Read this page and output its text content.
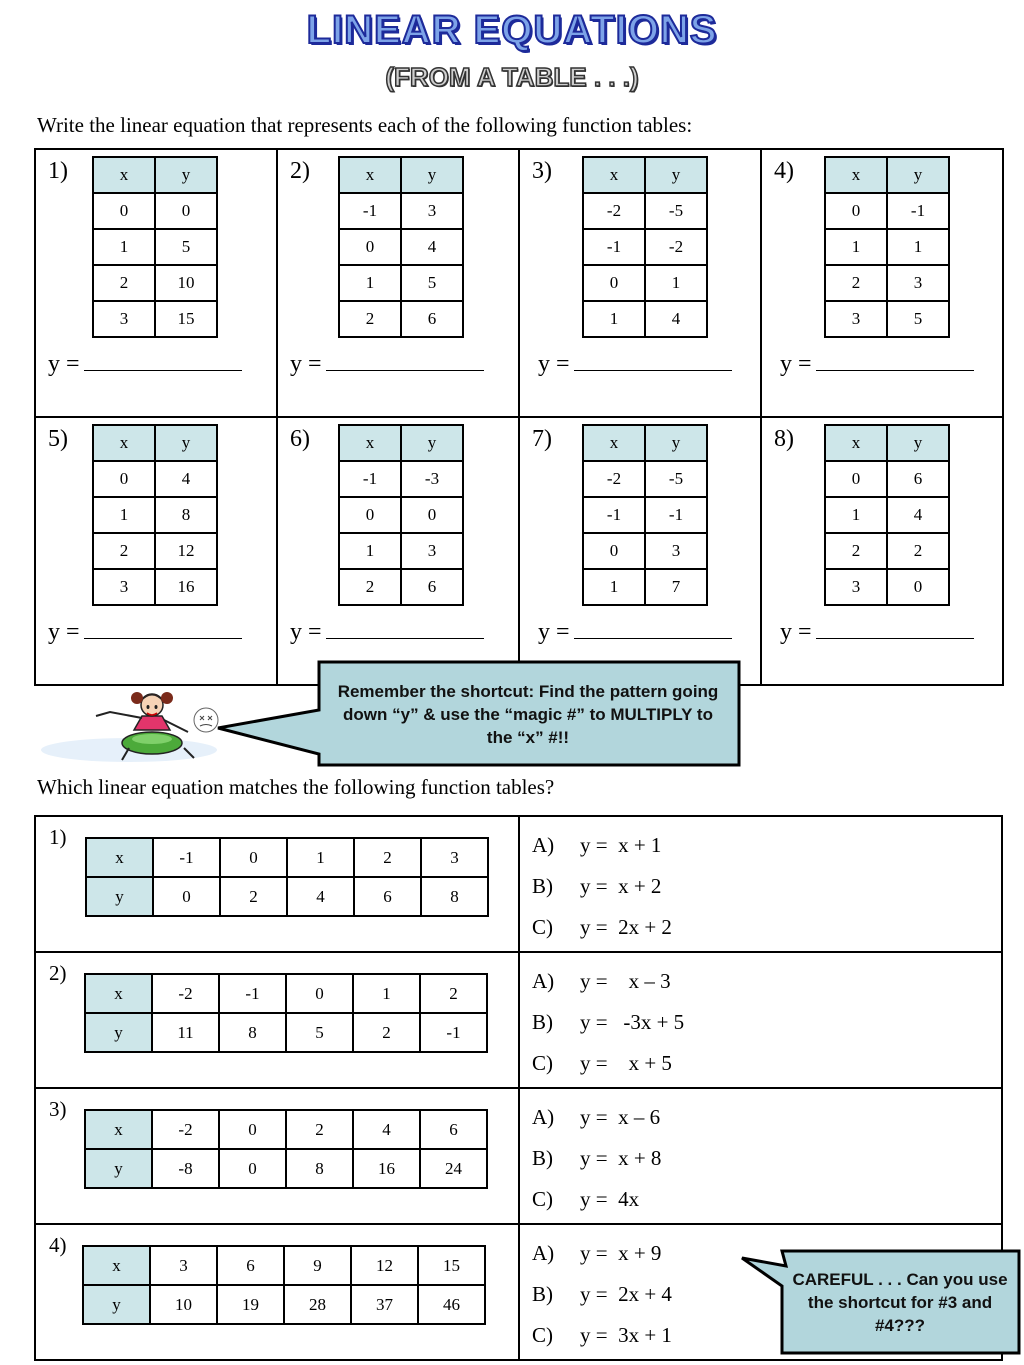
LINEAR EQUATIONS
(FROM A TABLE . . .)
Write the linear equation that represents each of the following function tables:
1)	x	y
0	0
1	5
2	10
3	15
y =
2)	x	y
-1	3
0	4
1	5
2	6
y =
3)	x	y
-2	-5
-1	-2
0	1
1	4
y =
4)	x	y
0	-1
1	1
2	3
3	5
y =
5)	x	y
0	4
1	8
2	12
3	16
y =
6)	x	y
-1	-3
0	0
1	3
2	6
y =
7)	x	y
-2	-5
-1	-1
0	3
1	7
y =
8)	x	y
0	6
1	4
2	2
3	0
y =
Remember the shortcut: Find the pattern going down “y” & use the “magic #” to MULTIPLY to the “x” #!!
Which linear equation matches the following function tables?
1)
x	-1	0	1	2	3
y	0	2	4	6	8
A) y =  x + 1
B) y =  x + 2
C) y =  2x + 2
2)
x	-2	-1	0	1	2
y	11	8	5	2	-1
A) y =    x – 3
B) y =   -3x + 5
C) y =    x + 5
3)
x	-2	0	2	4	6
y	-8	0	8	16	24
A) y =  x – 6
B) y =  x + 8
C) y =  4x
4)
x	3	6	9	12	15
y	10	19	28	37	46
A) y =  x + 9
B) y =  2x + 4
C) y =  3x + 1
CAREFUL . . . Can you use the shortcut for #3 and #4???
